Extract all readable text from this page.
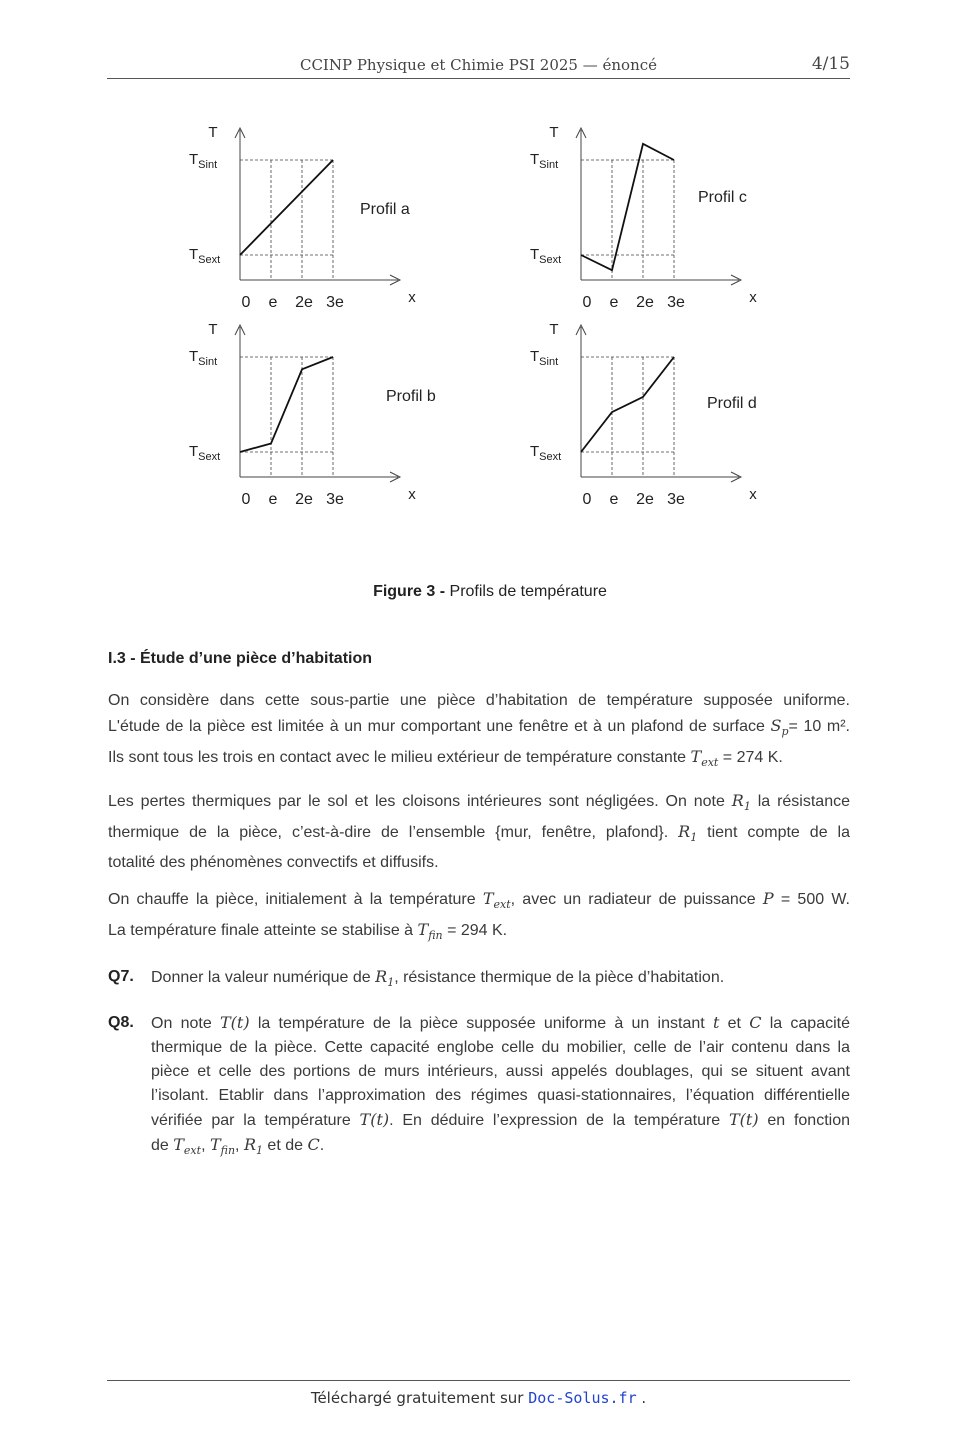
CCINP Physique et Chimie PSI 2025 — énoncé	4/15
T
x
$T_{Sint}$
$T_{Sext}$
0 e 2e 3e
Profil a
T
x
$T_{Sint}$
$T_{Sext}$
0 e 2e 3e
Profil c
T
x
$T_{Sint}$
$T_{Sext}$
0 e 2e 3e
Profil b
T
x
$T_{Sint}$
$T_{Sext}$
0 e 2e 3e
Profil d
Figure 3 - Profils de température
I.3 - Étude d’une pièce d’habitation
On considère dans cette sous-partie une pièce d’habitation de température supposée uniforme.
L'étude de la pièce est limitée à un mur comportant une fenêtre et à un plafond de surface $S_p= 10$ m².
Ils sont tous les trois en contact avec le milieu extérieur de température constante $T_{ext} = 274$ K.
Les pertes thermiques par le sol et les cloisons intérieures sont négligées. On note $R_1$ la résistance
thermique de la pièce, c’est-à-dire de l’ensemble {mur, fenêtre, plafond}. $R_1$ tient compte de la
totalité des phénomènes convectifs et diffusifs.
On chauffe la pièce, initialement à la température $T_{ext}$, avec un radiateur de puissance P = 500 W.
La température finale atteinte se stabilise à $T_{fin} = 294$ K.
Q7. Donner la valeur numérique de $R_1$, résistance thermique de la pièce d’habitation.
Q8. On note T(t) la température de la pièce supposée uniforme à un instant t et C la capacité
thermique de la pièce. Cette capacité englobe celle du mobilier, celle de l’air contenu dans la
pièce et celle des portions de murs intérieurs, aussi appelés doublages, qui se situent avant
l’isolant. Etablir dans l’approximation des régimes quasi-stationnaires, l’équation différentielle
vérifiée par la température T(t). En déduire l’expression de la température T(t) en fonction
de $T_{ext}$, $T_{fin}$, $R_1$ et de C.
Téléchargé gratuitement sur Doc-Solus.fr .
